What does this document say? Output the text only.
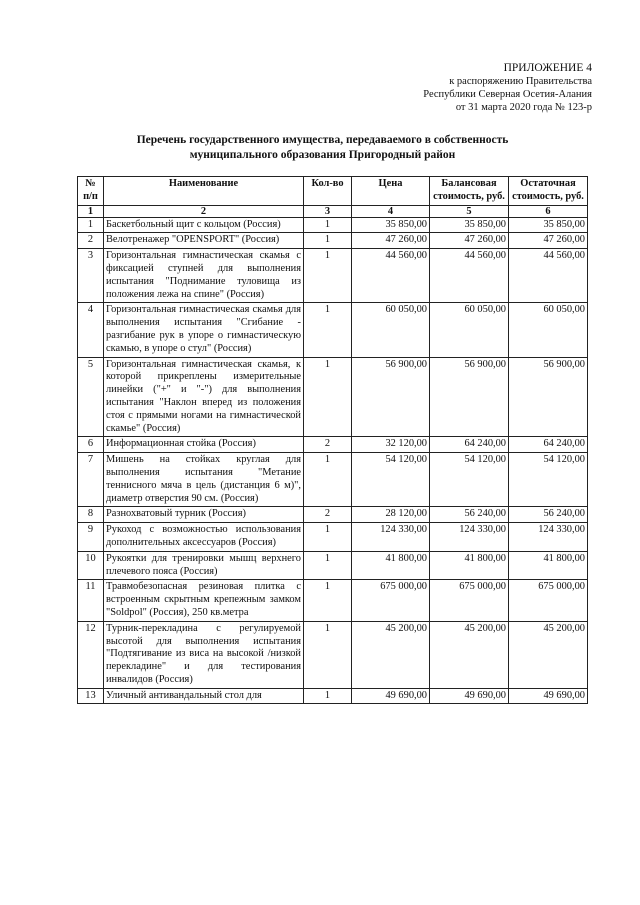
ПРИЛОЖЕНИЕ 4
к распоряжению Правительства
Республики Северная Осетия-Алания
от 31 марта 2020 года № 123-р
Перечень государственного имущества, передаваемого в собственность
муниципального образования Пригородный район
№ п/п	Наименование	Кол-во	Цена	Балансовая стоимость, руб.	Остаточная стоимость, руб.
1	2	3	4	5	6
1	Баскетбольный щит с кольцом (Россия)	1	35 850,00	35 850,00	35 850,00
2	Велотренажер "OPENSPORT" (Россия)	1	47 260,00	47 260,00	47 260,00
3	Горизонтальная гимнастическая скамья с фиксацией ступней для выполнения испытания "Поднимание туловища из положения лежа на спине" (Россия)	1	44 560,00	44 560,00	44 560,00
4	Горизонтальная гимнастическая скамья для выполнения испытания "Сгибание - разгибание рук в упоре о гимнастическую скамью, в упоре о стул" (Россия)	1	60 050,00	60 050,00	60 050,00
5	Горизонтальная гимнастическая скамья, к которой прикреплены измерительные линейки ("+" и "-") для выполнения испытания "Наклон вперед из положения стоя с прямыми ногами на гимнастической скамье" (Россия)	1	56 900,00	56 900,00	56 900,00
6	Информационная стойка (Россия)	2	32 120,00	64 240,00	64 240,00
7	Мишень на стойках круглая для выполнения испытания "Метание теннисного мяча в цель (дистанция 6 м)", диаметр отверстия 90 см. (Россия)	1	54 120,00	54 120,00	54 120,00
8	Разнохватовый турник (Россия)	2	28 120,00	56 240,00	56 240,00
9	Рукоход с возможностью использования дополнительных аксессуаров (Россия)	1	124 330,00	124 330,00	124 330,00
10	Рукоятки для тренировки мышц верхнего плечевого пояса (Россия)	1	41 800,00	41 800,00	41 800,00
11	Травмобезопасная резиновая плитка с встроенным скрытным крепежным замком "Soldpol" (Россия), 250 кв.метра	1	675 000,00	675 000,00	675 000,00
12	Турник-перекладина с регулируемой высотой для выполнения испытания "Подтягивание из виса на высокой /низкой перекладине" и для тестирования инвалидов (Россия)	1	45 200,00	45 200,00	45 200,00
13	Уличный антивандальный стол для	1	49 690,00	49 690,00	49 690,00
